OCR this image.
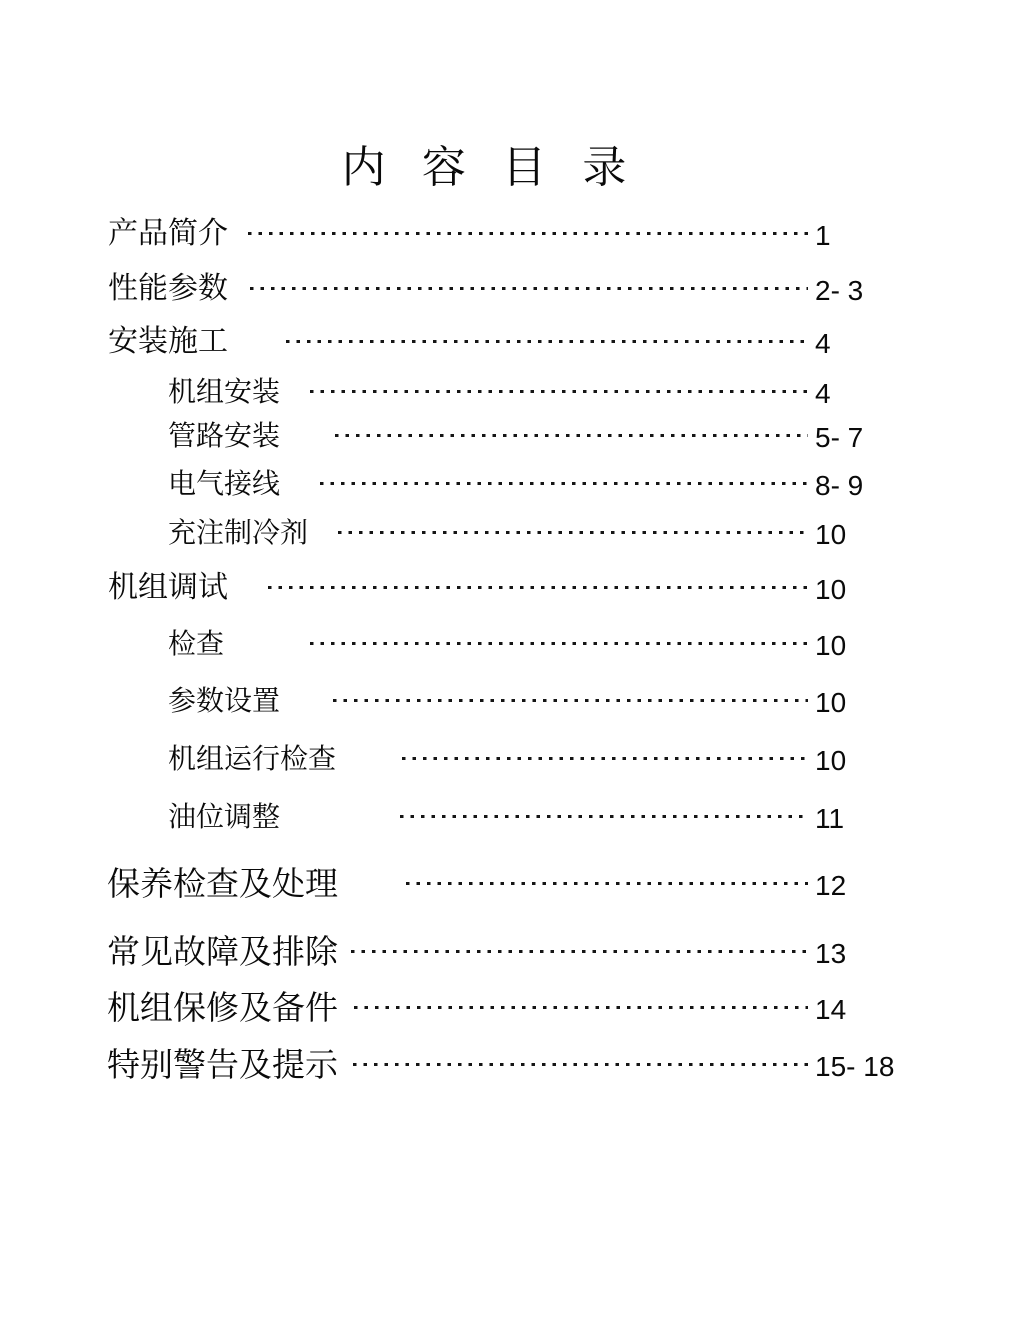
内 容 目 录
产品简介	1
性能参数	2- 3
安装施工	4
机组安装	4
管路安装	5- 7
电气接线	8- 9
充注制冷剂	10
机组调试	10
检查	10
参数设置	10
机组运行检查	10
油位调整	11
保养检查及处理	12
常见故障及排除	13
机组保修及备件	14
特别警告及提示	15- 18
